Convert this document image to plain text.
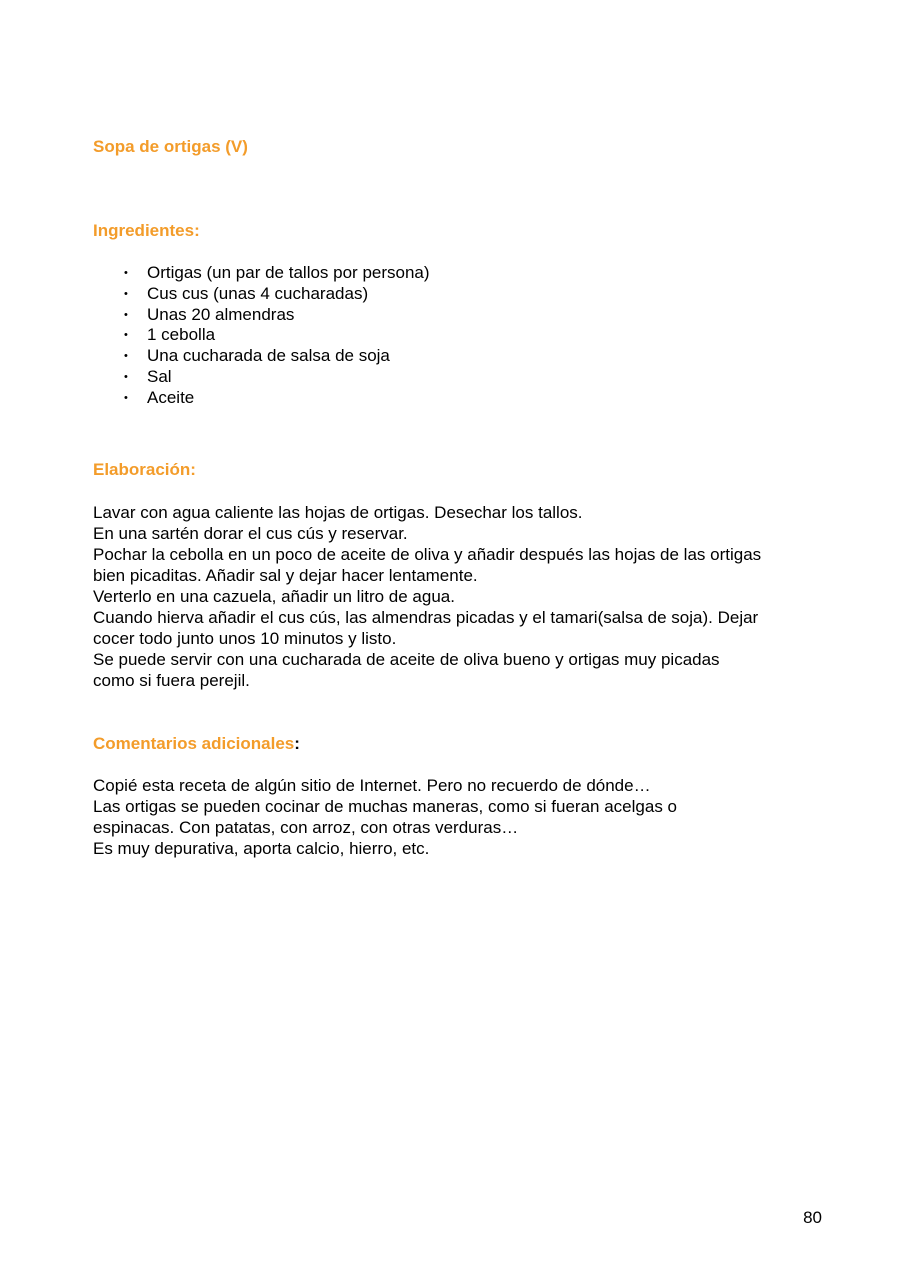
Sopa de ortigas (V)
Ingredientes:
• Ortigas (un par de tallos por persona)
• Cus cus (unas 4 cucharadas)
• Unas 20 almendras
• 1 cebolla
• Una cucharada de salsa de soja
• Sal
• Aceite
Elaboración:
Lavar con agua caliente las hojas de ortigas. Desechar los tallos.
En una sartén dorar el cus cús y reservar.
Pochar la cebolla en un poco de aceite de oliva y añadir después las hojas de las ortigas
bien picaditas. Añadir sal y dejar hacer lentamente.
Verterlo en una cazuela, añadir un litro de agua.
Cuando hierva añadir el cus cús, las almendras picadas y el tamari(salsa de soja). Dejar
cocer todo junto unos 10 minutos y listo.
Se puede servir con una cucharada de aceite de oliva bueno y ortigas muy picadas
como si fuera perejil.
Comentarios adicionales:
Copié esta receta de algún sitio de Internet. Pero no recuerdo de dónde…
Las ortigas se pueden cocinar de muchas maneras, como si fueran acelgas o
espinacas. Con patatas, con arroz, con otras verduras…
Es muy depurativa, aporta calcio, hierro, etc.
80
